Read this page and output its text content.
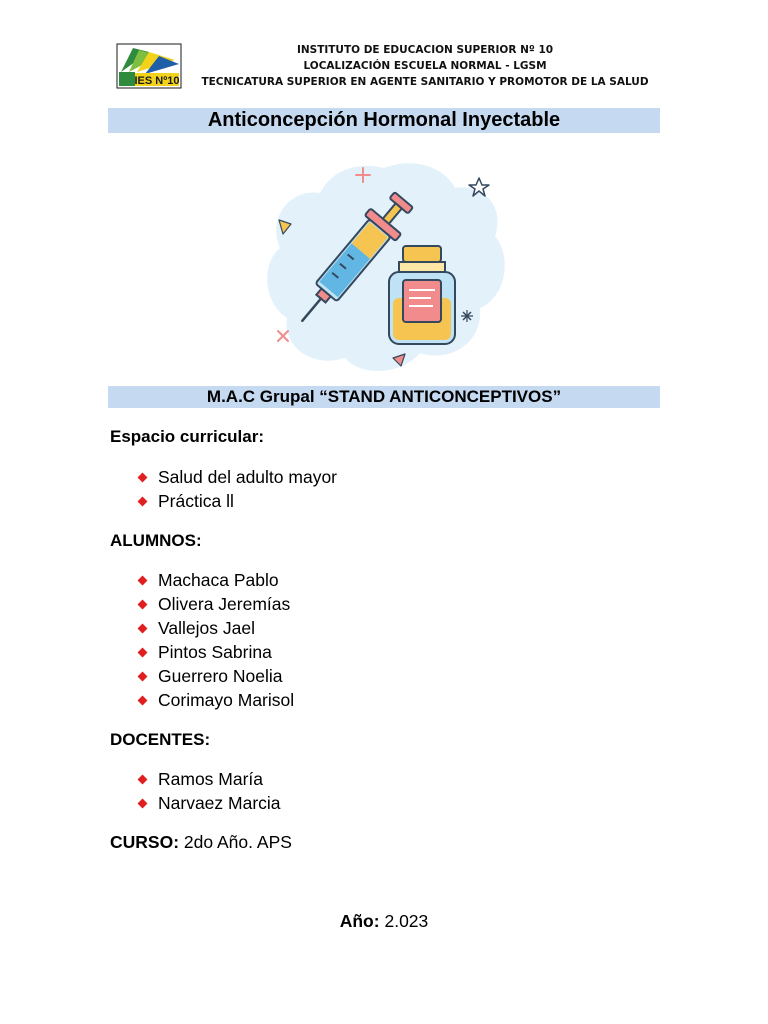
IES Nº10
INSTITUTO DE EDUCACION SUPERIOR Nº 10
LOCALIZACIÓN ESCUELA NORMAL - LGSM
TECNICATURA SUPERIOR EN AGENTE SANITARIO Y PROMOTOR DE LA SALUD
Anticoncepción Hormonal Inyectable
M.A.C Grupal “STAND ANTICONCEPTIVOS”
Espacio curricular:
Salud del adulto mayor
Práctica ll
ALUMNOS:
Machaca Pablo
Olivera Jeremías
Vallejos Jael
Pintos Sabrina
Guerrero Noelia
Corimayo Marisol
DOCENTES:
Ramos María
Narvaez Marcia
CURSO: 2do Año. APS
Año: 2.023
